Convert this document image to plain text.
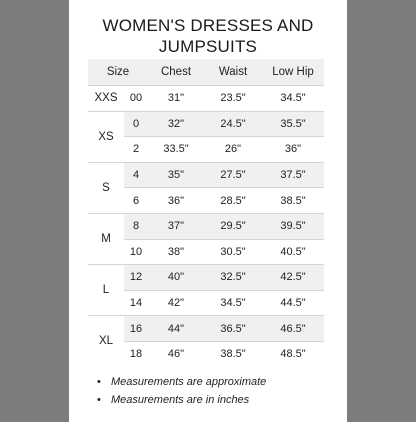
WOMEN'S DRESSES AND JUMPSUITS
Size		Chest	Waist	Low Hip
XXS	00	31"	23.5"	34.5"
XS	0	32"	24.5"	35.5"
	2	33.5"	26"	36"
S	4	35"	27.5"	37.5"
	6	36"	28.5"	38.5"
M	8	37"	29.5"	39.5"
	10	38"	30.5"	40.5"
L	12	40"	32.5"	42.5"
	14	42"	34.5"	44.5"
XL	16	44"	36.5"	46.5"
	18	46"	38.5"	48.5"
• Measurements are approximate
• Measurements are in inches
